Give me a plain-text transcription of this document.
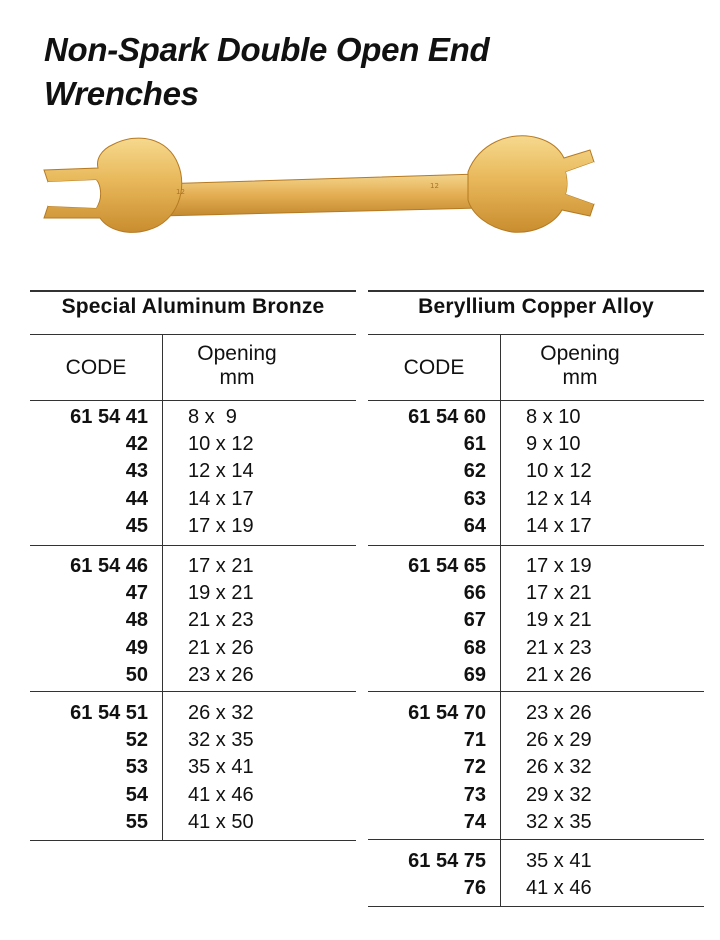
Non-Spark Double Open End
Wrenches
12
12
Special Aluminum Bronze
CODE
Opening
mm
61 54 41 8 x  9
42 10 x 12
43 12 x 14
44 14 x 17
45 17 x 19
61 54 46 17 x 21
47 19 x 21
48 21 x 23
49 21 x 26
50 23 x 26
61 54 51 26 x 32
52 32 x 35
53 35 x 41
54 41 x 46
55 41 x 50
Beryllium Copper Alloy
CODE
Opening
mm
61 54 60 8 x 10
61 9 x 10
62 10 x 12
63 12 x 14
64 14 x 17
61 54 65 17 x 19
66 17 x 21
67 19 x 21
68 21 x 23
69 21 x 26
61 54 70 23 x 26
71 26 x 29
72 26 x 32
73 29 x 32
74 32 x 35
61 54 75 35 x 41
76 41 x 46
